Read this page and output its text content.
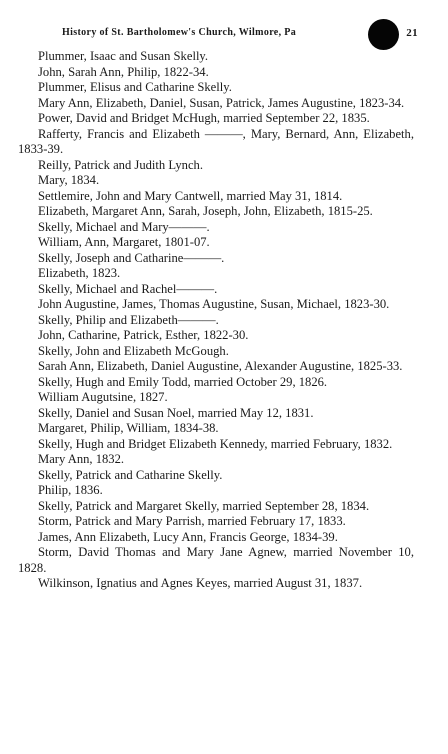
History of St. Bartholomew's Church, Wilmore, Pa	21

Plummer, Isaac and Susan Skelly.

John, Sarah Ann, Philip, 1822-34.

Plummer, Elisus and Catharine Skelly.

Mary Ann, Elizabeth, Daniel, Susan, Patrick, James Augustine, 1823-34.

Power, David and Bridget McHugh, married September 22, 1835.

Rafferty, Francis and Elizabeth ———, Mary, Bernard, Ann, Elizabeth, 1833-39.

Reilly, Patrick and Judith Lynch.

Mary, 1834.

Settlemire, John and Mary Cantwell, married May 31, 1814.

Elizabeth, Margaret Ann, Sarah, Joseph, John, Elizabeth, 1815-25.

Skelly, Michael and Mary———.

William, Ann, Margaret, 1801-07.

Skelly, Joseph and Catharine———.

Elizabeth, 1823.

Skelly, Michael and Rachel———.

John Augustine, James, Thomas Augustine, Susan, Michael, 1823-30.

Skelly, Philip and Elizabeth———.

John, Catharine, Patrick, Esther, 1822-30.

Skelly, John and Elizabeth McGough.

Sarah Ann, Elizabeth, Daniel Augustine, Alexander Augustine, 1825-33.

Skelly, Hugh and Emily Todd, married October 29, 1826.

William Augutsine, 1827.

Skelly, Daniel and Susan Noel, married May 12, 1831.

Margaret, Philip, William, 1834-38.

Skelly, Hugh and Bridget Elizabeth Kennedy, married February, 1832.

Mary Ann, 1832.

Skelly, Patrick and Catharine Skelly.

Philip, 1836.

Skelly, Patrick and Margaret Skelly, married September 28, 1834.

Storm, Patrick and Mary Parrish, married February 17, 1833.

James, Ann Elizabeth, Lucy Ann, Francis George, 1834-39.

Storm, David Thomas and Mary Jane Agnew, married November 10, 1828.

Wilkinson, Ignatius and Agnes Keyes, married August 31, 1837.
